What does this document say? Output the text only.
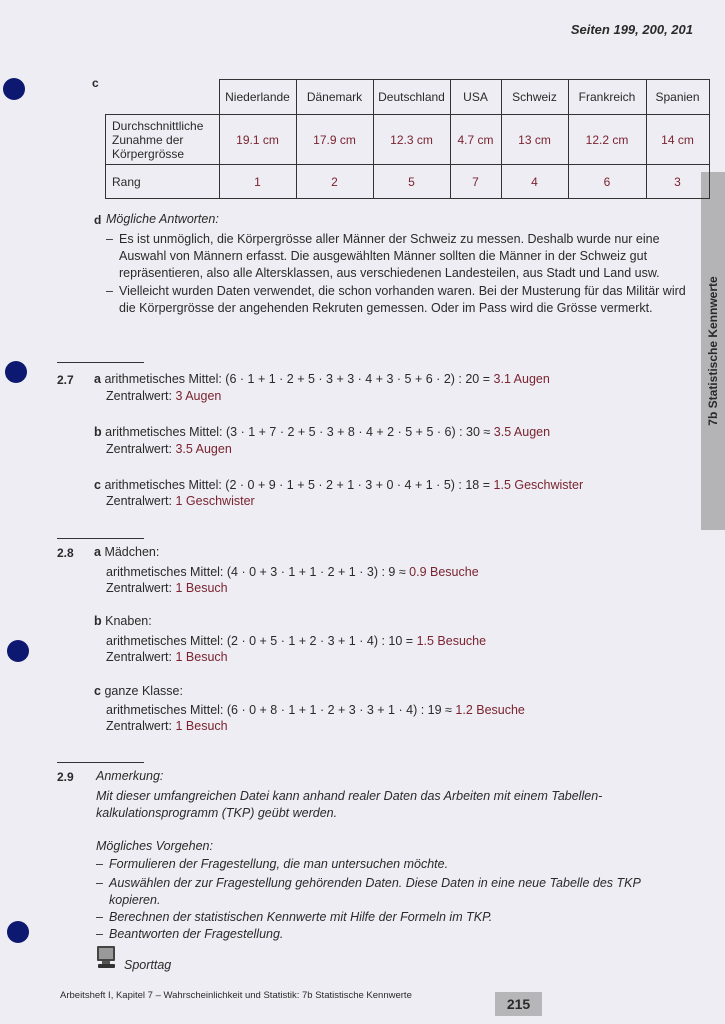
Seiten 199, 200, 201
7b Statistische Kennwerte
c
	Niederlande	Dänemark	Deutschland	USA	Schweiz	Frankreich	Spanien
Durchschnittliche Zunahme der Körpergrösse	19.1 cm	17.9 cm	12.3 cm	4.7 cm	13 cm	12.2 cm	14 cm
Rang	1	2	5	7	4	6	3
d Mögliche Antworten:
– Es ist unmöglich, die Körpergrösse aller Männer der Schweiz zu messen. Deshalb wurde nur eine Auswahl von Männern erfasst. Die ausgewählten Männer sollten die Männer in der Schweiz gut repräsentieren, also alle Altersklassen, aus verschiedenen Landesteilen, aus Stadt und Land usw.
– Vielleicht wurden Daten verwendet, die schon vorhanden waren. Bei der Musterung für das Militär wird die Körpergrösse der angehenden Rekruten gemessen. Oder im Pass wird die Grösse vermerkt.
2.7 a arithmetisches Mittel: (6 · 1 + 1 · 2 + 5 · 3 + 3 · 4 + 3 · 5 + 6 · 2) : 20 = 3.1 Augen
Zentralwert: 3 Augen
b arithmetisches Mittel: (3 · 1 + 7 · 2 + 5 · 3 + 8 · 4 + 2 · 5 + 5 · 6) : 30 ≈ 3.5 Augen
Zentralwert: 3.5 Augen
c arithmetisches Mittel: (2 · 0 + 9 · 1 + 5 · 2 + 1 · 3 + 0 · 4 + 1 · 5) : 18 = 1.5 Geschwister
Zentralwert: 1 Geschwister
2.8 a Mädchen:
arithmetisches Mittel: (4 · 0 + 3 · 1 + 1 · 2 + 1 · 3) : 9 ≈ 0.9 Besuche
Zentralwert: 1 Besuch
b Knaben:
arithmetisches Mittel: (2 · 0 + 5 · 1 + 2 · 3 + 1 · 4) : 10 = 1.5 Besuche
Zentralwert: 1 Besuch
c ganze Klasse:
arithmetisches Mittel: (6 · 0 + 8 · 1 + 1 · 2 + 3 · 3 + 1 · 4) : 19 ≈ 1.2 Besuche
Zentralwert: 1 Besuch
2.9 Anmerkung:
Mit dieser umfangreichen Datei kann anhand realer Daten das Arbeiten mit einem Tabellenkalkulationsprogramm (TKP) geübt werden.
Mögliches Vorgehen:
– Formulieren der Fragestellung, die man untersuchen möchte.
– Auswählen der zur Fragestellung gehörenden Daten. Diese Daten in eine neue Tabelle des TKP kopieren.
– Berechnen der statistischen Kennwerte mit Hilfe der Formeln im TKP.
– Beantworten der Fragestellung.
Sporttag
Arbeitsheft I, Kapitel 7 – Wahrscheinlichkeit und Statistik: 7b Statistische Kennwerte
215
